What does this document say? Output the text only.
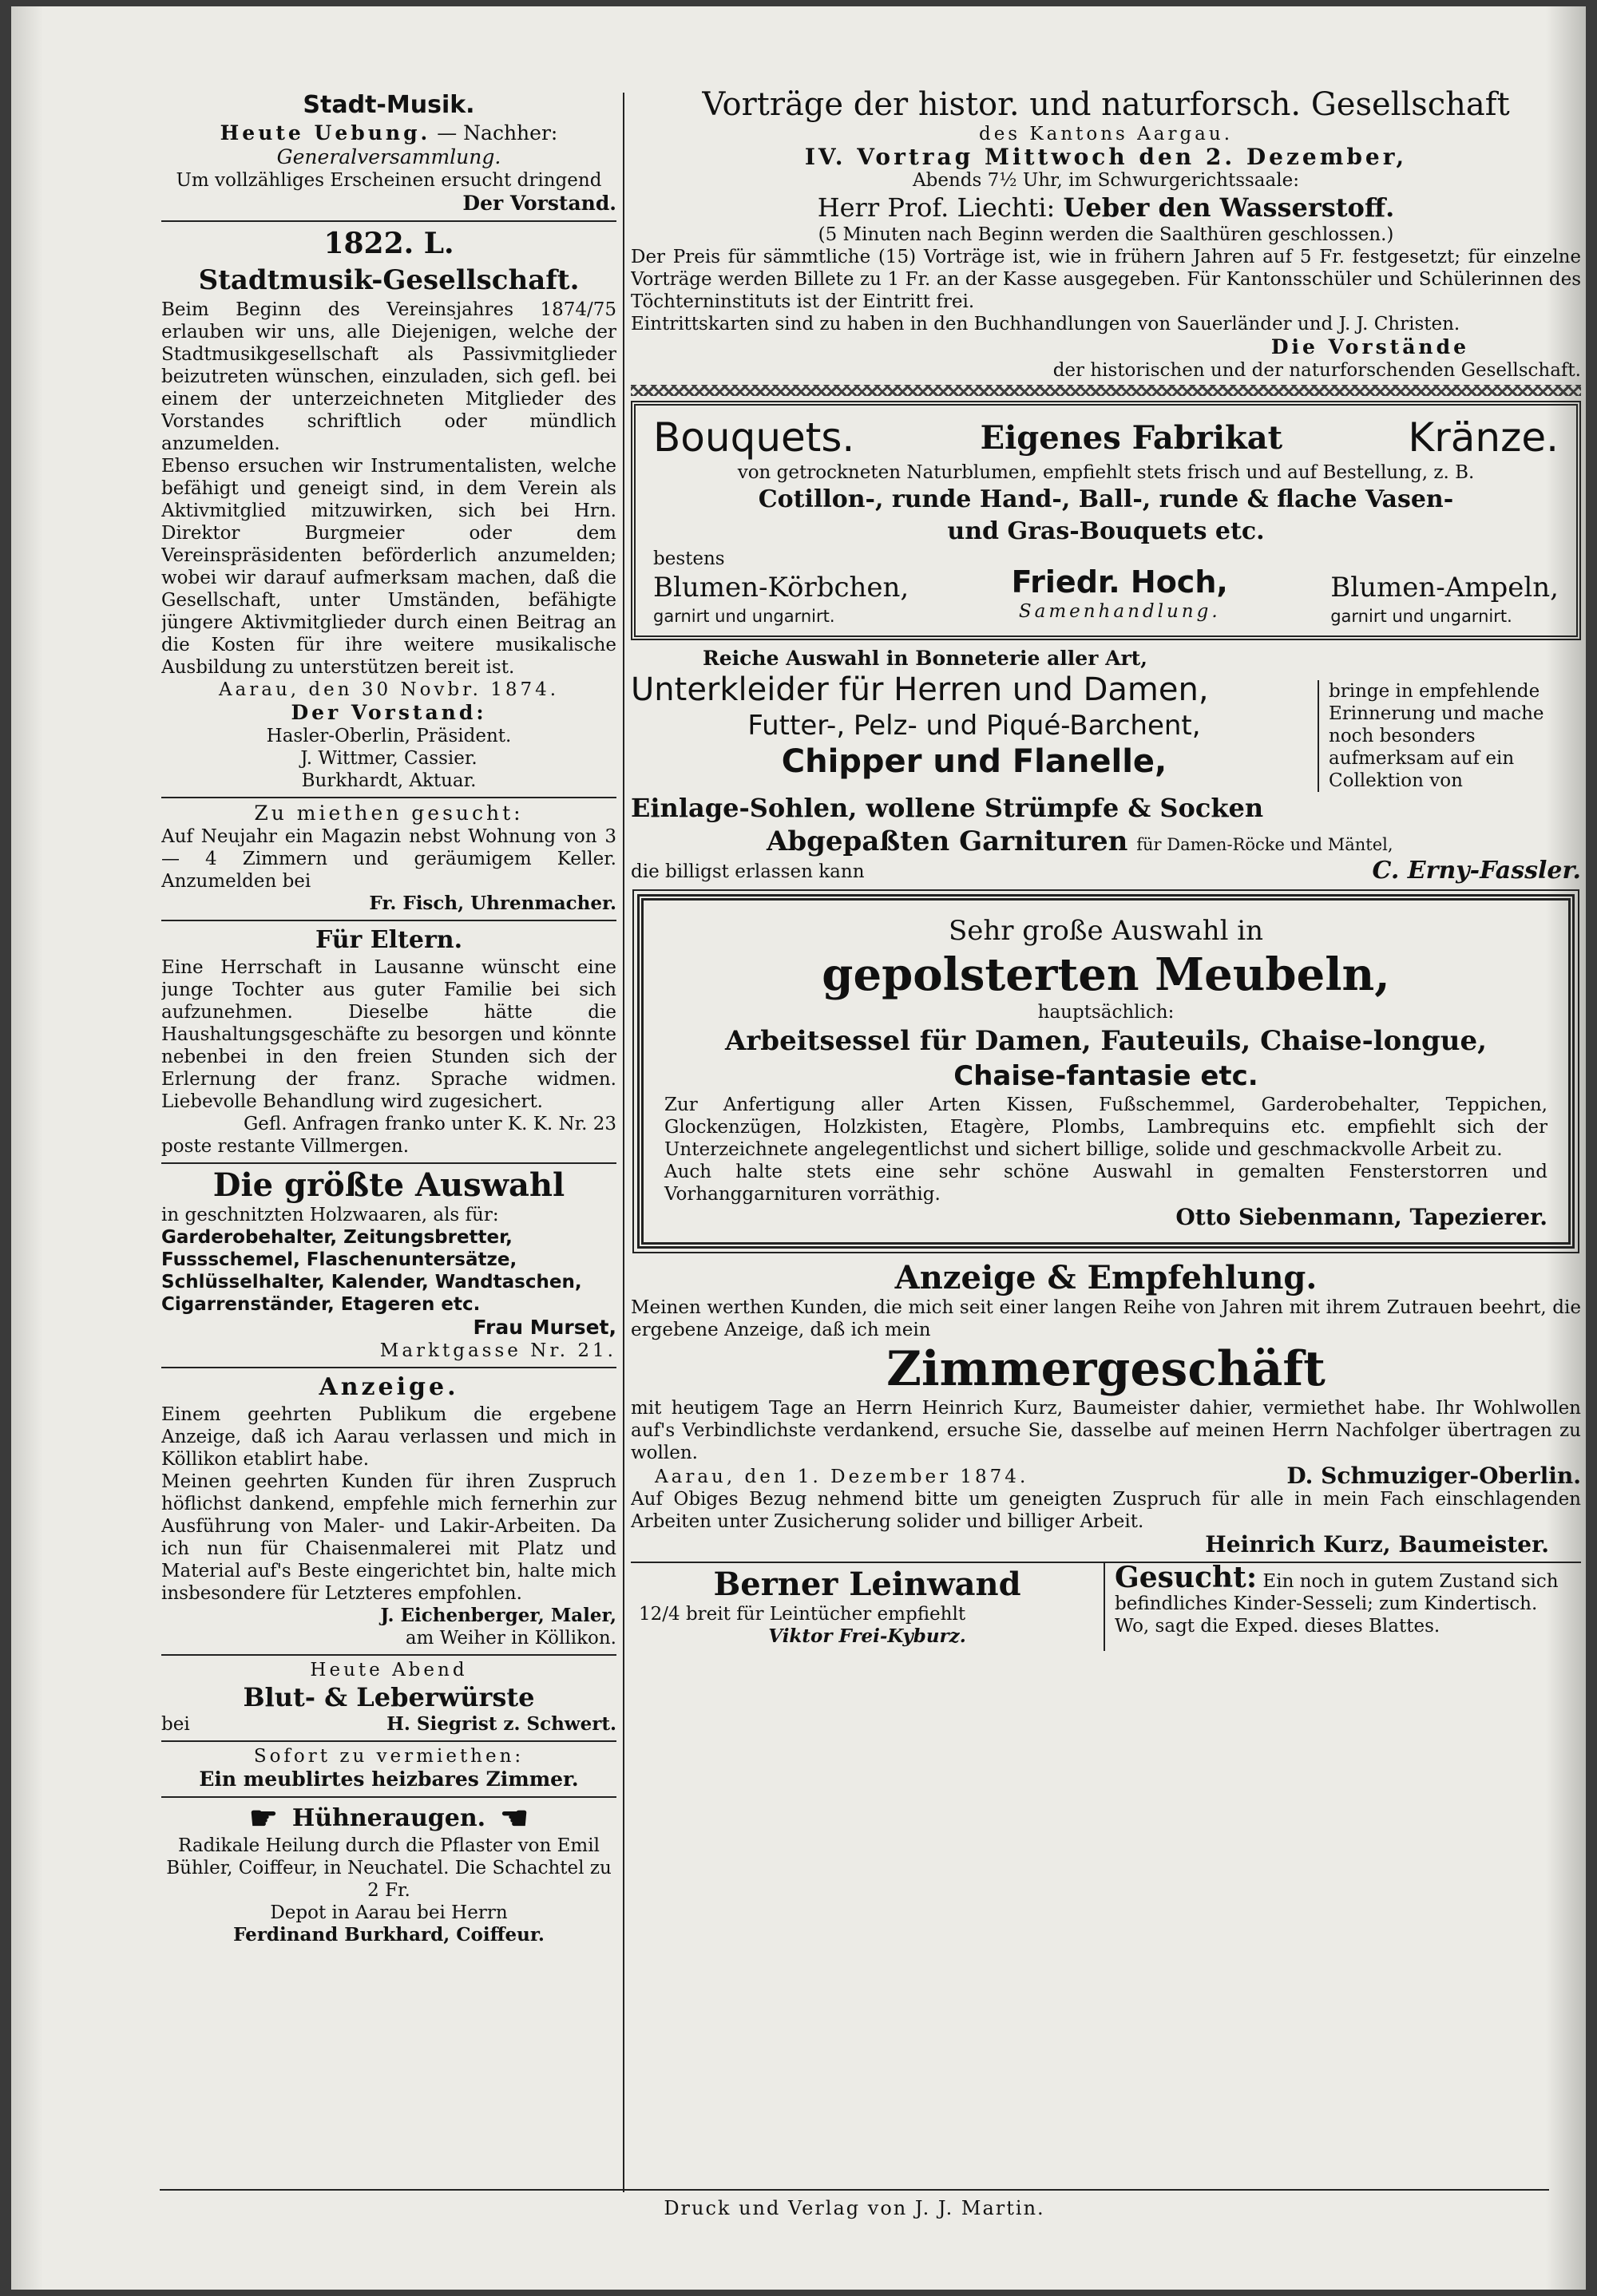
Stadt-Musik.

Heute Uebung. — Nachher:

Generalversammlung.

Um vollzähliges Erscheinen ersucht dringend

Der Vorstand.

1822. L.

Stadtmusik-Gesellschaft.

Beim Beginn des Vereinsjahres 1874/75 erlauben wir uns, alle Diejenigen, welche der Stadtmusikgesellschaft als Passivmitglieder beizutreten wünschen, einzuladen, sich gefl. bei einem der unterzeichneten Mitglieder des Vorstandes schriftlich oder mündlich anzumelden.

Ebenso ersuchen wir Instrumentalisten, welche befähigt und geneigt sind, in dem Verein als Aktivmitglied mitzuwirken, sich bei Hrn. Direktor Burgmeier oder dem Vereinspräsidenten beförderlich anzumelden; wobei wir darauf aufmerksam machen, daß die Gesellschaft, unter Umständen, befähigte jüngere Aktivmitglieder durch einen Beitrag an die Kosten für ihre weitere musikalische Ausbildung zu unterstützen bereit ist.

Aarau, den 30 Novbr. 1874.

Der Vorstand:

Hasler-Oberlin, Präsident.

J. Wittmer, Cassier.

Burkhardt, Aktuar.

Zu miethen gesucht:

Auf Neujahr ein Magazin nebst Wohnung von 3 — 4 Zimmern und geräumigem Keller. Anzumelden bei

Fr. Fisch, Uhrenmacher.

Für Eltern.

Eine Herrschaft in Lausanne wünscht eine junge Tochter aus guter Familie bei sich aufzunehmen. Dieselbe hätte die Haushaltungsgeschäfte zu besorgen und könnte nebenbei in den freien Stunden sich der Erlernung der franz. Sprache widmen. Liebevolle Behandlung wird zugesichert.

Gefl. Anfragen franko unter K. K. Nr. 23

poste restante Villmergen.

Die größte Auswahl

in geschnitzten Holzwaaren, als für:

Garderobehalter, Zeitungsbretter, Fussschemel, Flaschenuntersätze, Schlüsselhalter, Kalender, Wandtaschen, Cigarrenständer, Etageren etc.

Frau Murset,

Marktgasse Nr. 21.

Anzeige.

Einem geehrten Publikum die ergebene Anzeige, daß ich Aarau verlassen und mich in Köllikon etablirt habe.

Meinen geehrten Kunden für ihren Zuspruch höflichst dankend, empfehle mich fernerhin zur Ausführung von Maler- und Lakir-Arbeiten. Da ich nun für Chaisenmalerei mit Platz und Material auf's Beste eingerichtet bin, halte mich insbesondere für Letzteres empfohlen.

J. Eichenberger, Maler,

am Weiher in Köllikon.

Heute Abend

Blut- & Leberwürste

bei	H. Siegrist z. Schwert.

Sofort zu vermiethen:

Ein meublirtes heizbares Zimmer.

☛ Hühneraugen. ☚

Radikale Heilung durch die Pflaster von Emil Bühler, Coiffeur, in Neuchatel. Die Schachtel zu 2 Fr.

Depot in Aarau bei Herrn

Ferdinand Burkhard, Coiffeur.

Vorträge der histor. und naturforsch. Gesellschaft

des Kantons Aargau.

IV. Vortrag Mittwoch den 2. Dezember,

Abends 7½ Uhr, im Schwurgerichtssaale:

Herr Prof. Liechti: Ueber den Wasserstoff.

(5 Minuten nach Beginn werden die Saalthüren geschlossen.)

Der Preis für sämmtliche (15) Vorträge ist, wie in frühern Jahren auf 5 Fr. festgesetzt; für einzelne Vorträge werden Billete zu 1 Fr. an der Kasse ausgegeben. Für Kantonsschüler und Schülerinnen des Töchterninstituts ist der Eintritt frei.

Eintrittskarten sind zu haben in den Buchhandlungen von Sauerländer und J. J. Christen.

Die Vorstände

der historischen und der naturforschenden Gesellschaft.

Bouquets.	Eigenes Fabrikat	Kränze.

von getrockneten Naturblumen, empfiehlt stets frisch und auf Bestellung, z. B.

Cotillon-, runde Hand-, Ball-, runde & flache Vasen-

und Gras-Bouquets etc.

bestens

Blumen-Körbchen,

garnirt und ungarnirt.

Friedr. Hoch,

Samenhandlung.

Blumen-Ampeln,

garnirt und ungarnirt.

Reiche Auswahl in Bonneterie aller Art,

Unterkleider für Herren und Damen,

Futter-, Pelz- und Piqué-Barchent,

Chipper und Flanelle,

bringe in empfehlende Erinnerung und mache noch besonders aufmerksam auf ein Collektion von

Einlage-Sohlen, wollene Strümpfe & Socken

Abgepaßten Garnituren für Damen-Röcke und Mäntel,

die billigst erlassen kann	C. Erny-Fassler.

Sehr große Auswahl in

gepolsterten Meubeln,

hauptsächlich:

Arbeitsessel für Damen, Fauteuils, Chaise-longue,

Chaise-fantasie etc.

Zur Anfertigung aller Arten Kissen, Fußschemmel, Garderobehalter, Teppichen, Glockenzügen, Holzkisten, Etagère, Plombs, Lambrequins etc. empfiehlt sich der Unterzeichnete angelegentlichst und sichert billige, solide und geschmackvolle Arbeit zu.

Auch halte stets eine sehr schöne Auswahl in gemalten Fensterstorren und Vorhanggarnituren vorräthig.

Otto Siebenmann, Tapezierer.

Anzeige & Empfehlung.

Meinen werthen Kunden, die mich seit einer langen Reihe von Jahren mit ihrem Zutrauen beehrt, die ergebene Anzeige, daß ich mein

Zimmergeschäft

mit heutigem Tage an Herrn Heinrich Kurz, Baumeister dahier, vermiethet habe. Ihr Wohlwollen auf's Verbindlichste verdankend, ersuche Sie, dasselbe auf meinen Herrn Nachfolger übertragen zu wollen.

Aarau, den 1. Dezember 1874.	D. Schmuziger-Oberlin.

Auf Obiges Bezug nehmend bitte um geneigten Zuspruch für alle in mein Fach einschlagenden Arbeiten unter Zusicherung solider und billiger Arbeit.

Heinrich Kurz, Baumeister.

Berner Leinwand

12/4 breit für Leintücher empfiehlt

Viktor Frei-Kyburz.

Gesucht: Ein noch in gutem Zustand sich befindliches Kinder-Sesseli; zum Kindertisch. Wo, sagt die Exped. dieses Blattes.

Druck und Verlag von J. J. Martin.
